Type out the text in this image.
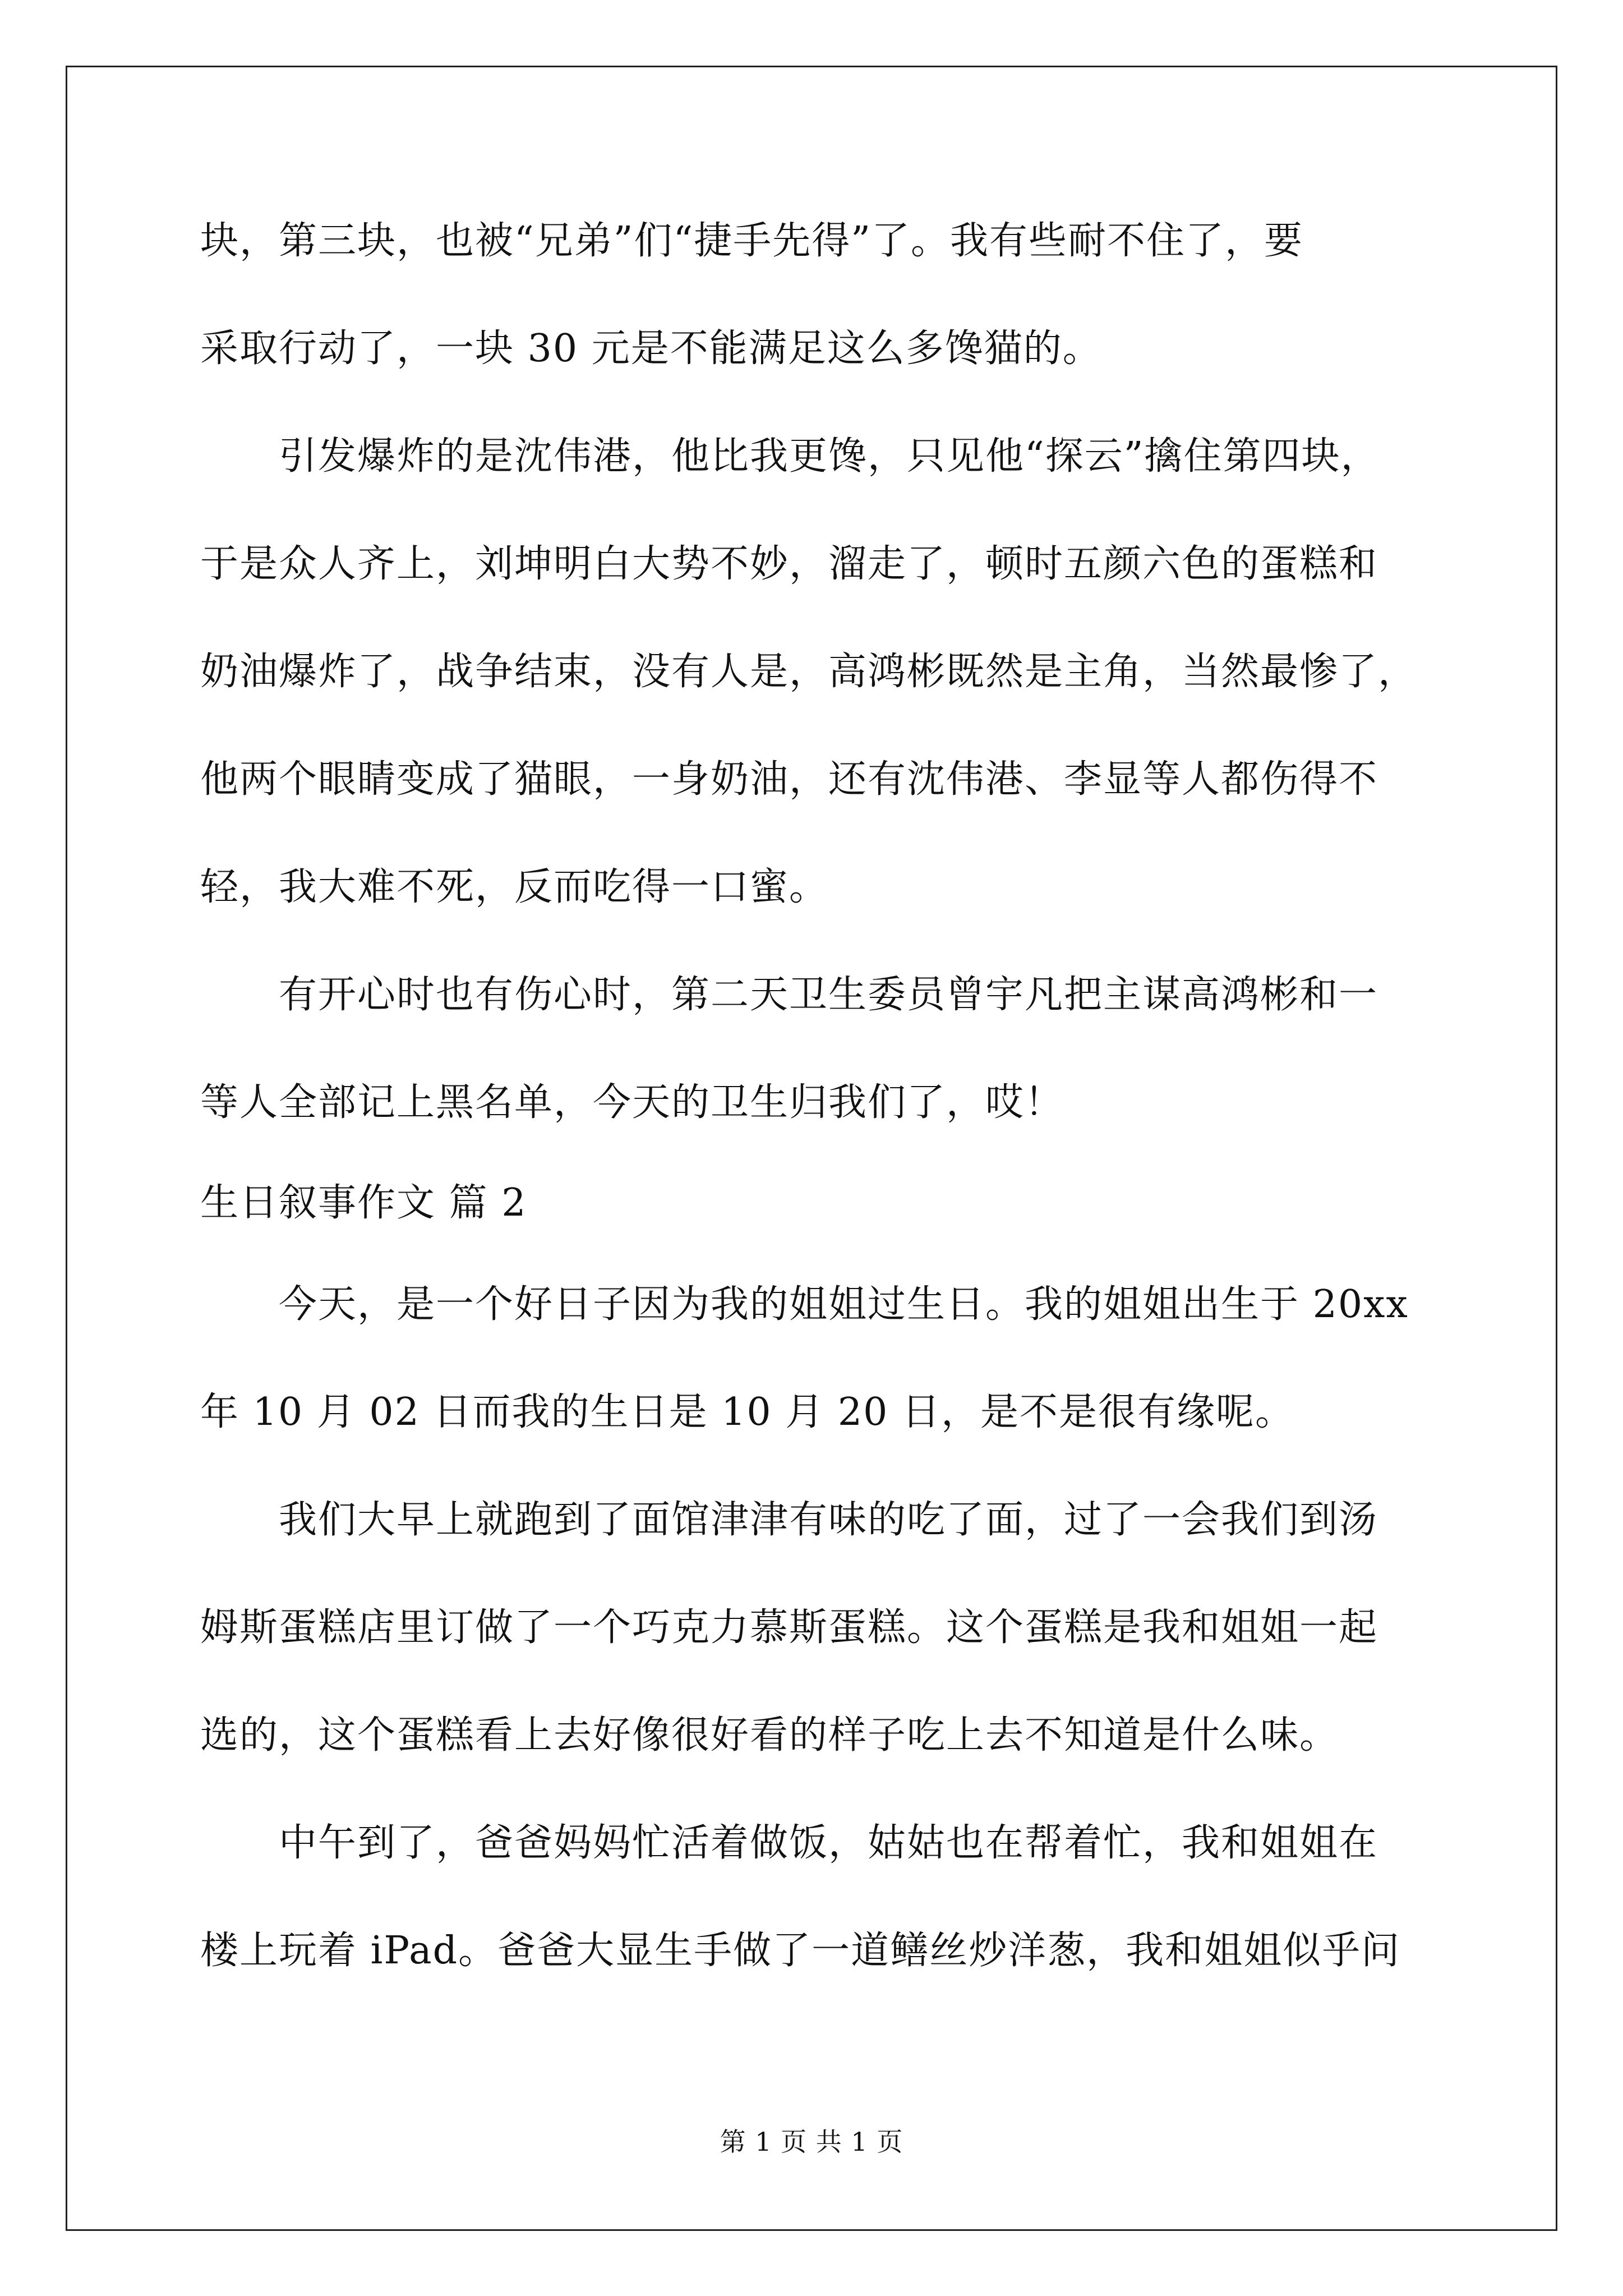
块，第三块，也被“兄弟”们“捷手先得”了。我有些耐不住了，要
采取行动了，一块 30 元是不能满足这么多馋猫的。
引发爆炸的是沈伟港，他比我更馋，只见他“探云”擒住第四块，
于是众人齐上，刘坤明白大势不妙，溜走了，顿时五颜六色的蛋糕和
奶油爆炸了，战争结束，没有人是，高鸿彬既然是主角，当然最惨了，
他两个眼睛变成了猫眼，一身奶油，还有沈伟港、李显等人都伤得不
轻，我大难不死，反而吃得一口蜜。
有开心时也有伤心时，第二天卫生委员曾宇凡把主谋高鸿彬和一
等人全部记上黑名单，今天的卫生归我们了，哎！
生日叙事作文 篇 2
今天，是一个好日子因为我的姐姐过生日。我的姐姐出生于 20xx
年 10 月 02 日而我的生日是 10 月 20 日，是不是很有缘呢。
我们大早上就跑到了面馆津津有味的吃了面，过了一会我们到汤
姆斯蛋糕店里订做了一个巧克力慕斯蛋糕。这个蛋糕是我和姐姐一起
选的，这个蛋糕看上去好像很好看的样子吃上去不知道是什么味。
中午到了，爸爸妈妈忙活着做饭，姑姑也在帮着忙，我和姐姐在
楼上玩着 iPad。爸爸大显生手做了一道鳝丝炒洋葱，我和姐姐似乎问
第 1 页 共 1 页
